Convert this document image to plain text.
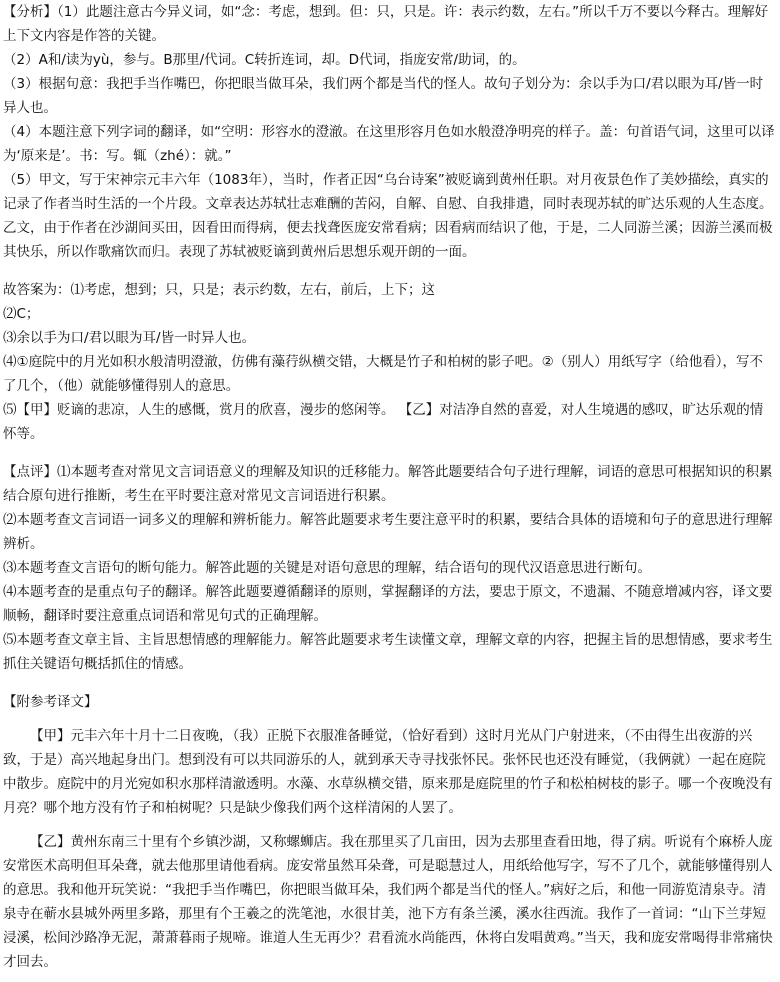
【分析】（1）此题注意古今异义词，如“念：考虑，想到。但：只，只是。许：表示约数，左右。”所以千万不要以今释古。理解好上下文内容是作答的关键。

（2）A和/读为yù，参与。B那里/代词。C转折连词，却。D代词，指庞安常/助词，的。

（3）根据句意：我把手当作嘴巴，你把眼当做耳朵，我们两个都是当代的怪人。故句子划分为：余以手为口/君以眼为耳/皆一时异人也。

（4）本题注意下列字词的翻译，如“空明：形容水的澄澈。在这里形容月色如水般澄净明亮的样子。盖：句首语气词，这里可以译为‘原来是’。书：写。辄（zhé）：就。”

（5）甲文，写于宋神宗元丰六年（1083年），当时，作者正因“乌台诗案”被贬谪到黄州任职。对月夜景色作了美妙描绘，真实的记录了作者当时生活的一个片段。文章表达苏轼壮志难酬的苦闷，自解、自慰、自我排遣，同时表现苏轼的旷达乐观的人生态度。乙文，由于作者在沙湖间买田，因看田而得病，便去找聋医庞安常看病；因看病而结识了他，于是，二人同游兰溪；因游兰溪而极其快乐，所以作歌痛饮而归。表现了苏轼被贬谪到黄州后思想乐观开朗的一面。

故答案为：⑴考虑，想到；只，只是；表示约数，左右，前后，上下；这

⑵C；

⑶余以手为口/君以眼为耳/皆一时异人也。

⑷①庭院中的月光如积水般清明澄澈，仿佛有藻荇纵横交错，大概是竹子和柏树的影子吧。②（别人）用纸写字（给他看），写不了几个，（他）就能够懂得别人的意思。

⑸【甲】贬谪的悲凉，人生的感慨，赏月的欣喜，漫步的悠闲等。 【乙】对洁净自然的喜爱，对人生境遇的感叹，旷达乐观的情怀等。

【点评】⑴本题考查对常见文言词语意义的理解及知识的迁移能力。解答此题要结合句子进行理解，词语的意思可根据知识的积累结合原句进行推断，考生在平时要注意对常见文言词语进行积累。

⑵本题考查文言词语一词多义的理解和辨析能力。解答此题要求考生要注意平时的积累，要结合具体的语境和句子的意思进行理解辨析。

⑶本题考查文言语句的断句能力。解答此题的关键是对语句意思的理解，结合语句的现代汉语意思进行断句。

⑷本题考查的是重点句子的翻译。解答此题要遵循翻译的原则，掌握翻译的方法，要忠于原文，不遗漏、不随意增减内容，译文要顺畅，翻译时要注意重点词语和常见句式的正确理解。

⑸本题考查文章主旨、主旨思想情感的理解能力。解答此题要求考生读懂文章，理解文章的内容，把握主旨的思想情感，要求考生抓住关键语句概括抓住的情感。

【附参考译文】

【甲】元丰六年十月十二日夜晚，（我）正脱下衣服准备睡觉，（恰好看到）这时月光从门户射进来，（不由得生出夜游的兴致，于是）高兴地起身出门。想到没有可以共同游乐的人，就到承天寺寻找张怀民。张怀民也还没有睡觉，（我俩就）一起在庭院中散步。庭院中的月光宛如积水那样清澈透明。水藻、水草纵横交错，原来那是庭院里的竹子和松柏树枝的影子。哪一个夜晚没有月亮？哪个地方没有竹子和柏树呢？只是缺少像我们两个这样清闲的人罢了。

【乙】黄州东南三十里有个乡镇沙湖，又称螺蛳店。我在那里买了几亩田，因为去那里查看田地，得了病。听说有个麻桥人庞安常医术高明但耳朵聋，就去他那里请他看病。庞安常虽然耳朵聋，可是聪慧过人，用纸给他写字，写不了几个，就能够懂得别人的意思。我和他开玩笑说：“我把手当作嘴巴，你把眼当做耳朵，我们两个都是当代的怪人。”病好之后，和他一同游览清泉寺。清泉寺在蕲水县城外两里多路，那里有个王羲之的洗笔池，水很甘美，池下方有条兰溪，溪水往西流。我作了一首词：“山下兰芽短浸溪，松间沙路净无泥，萧萧暮雨子规啼。谁道人生无再少？君看流水尚能西，休将白发唱黄鸡。”当天，我和庞安常喝得非常痛快才回去。
